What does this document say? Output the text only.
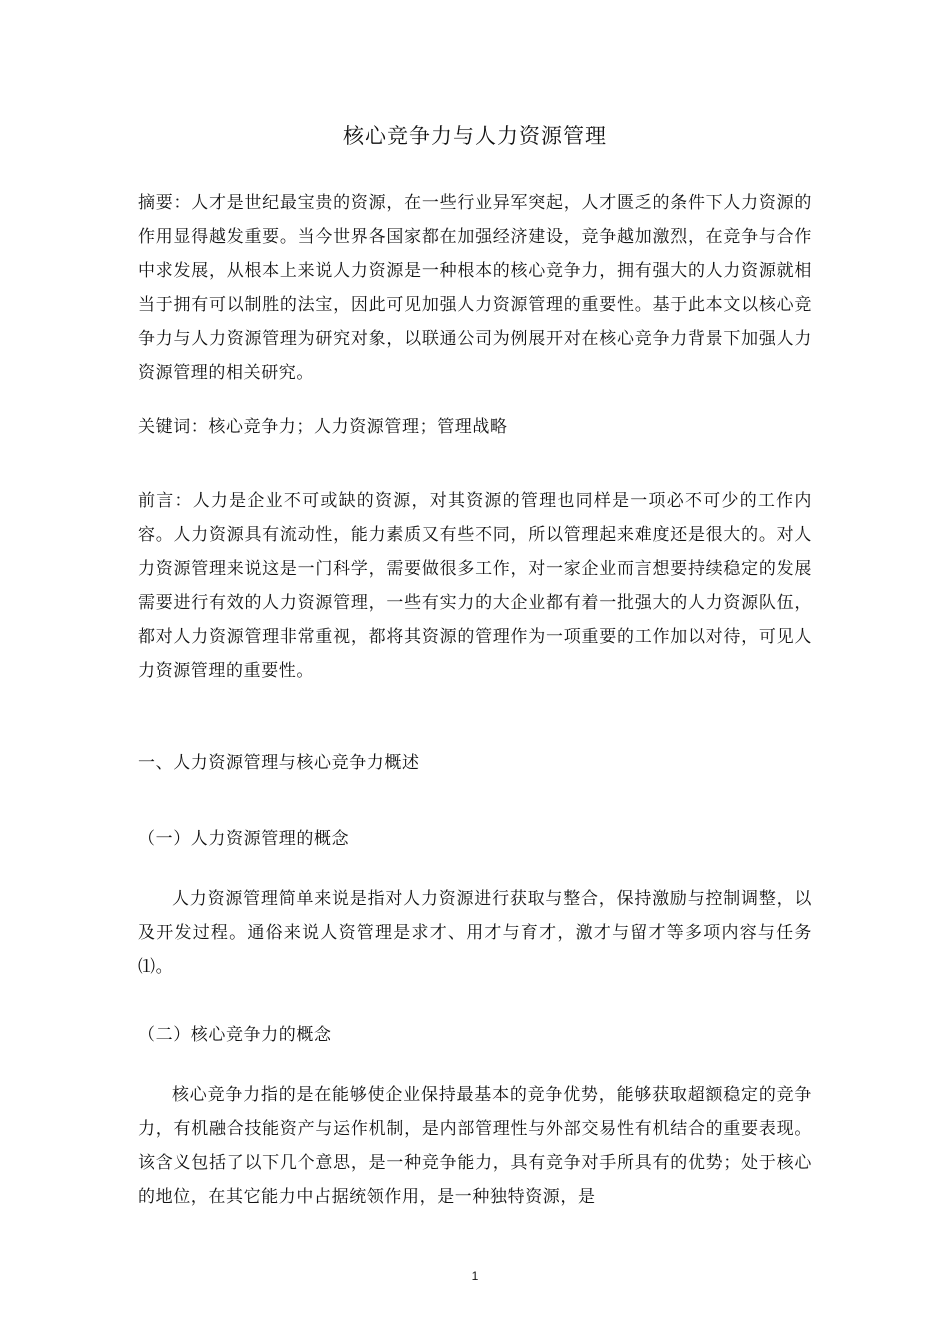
核心竞争力与人力资源管理

摘要：人才是世纪最宝贵的资源，在一些行业异军突起，人才匮乏的条件下人力资源的作用显得越发重要。当今世界各国家都在加强经济建设，竞争越加激烈，在竞争与合作中求发展，从根本上来说人力资源是一种根本的核心竞争力，拥有强大的人力资源就相当于拥有可以制胜的法宝，因此可见加强人力资源管理的重要性。基于此本文以核心竞争力与人力资源管理为研究对象，以联通公司为例展开对在核心竞争力背景下加强人力资源管理的相关研究。

关键词：核心竞争力；人力资源管理；管理战略

前言：人力是企业不可或缺的资源，对其资源的管理也同样是一项必不可少的工作内容。人力资源具有流动性，能力素质又有些不同，所以管理起来难度还是很大的。对人力资源管理来说这是一门科学，需要做很多工作，对一家企业而言想要持续稳定的发展需要进行有效的人力资源管理，一些有实力的大企业都有着一批强大的人力资源队伍，都对人力资源管理非常重视，都将其资源的管理作为一项重要的工作加以对待，可见人力资源管理的重要性。

一、人力资源管理与核心竞争力概述
（一）人力资源管理的概念

人力资源管理简单来说是指对人力资源进行获取与整合，保持激励与控制调整，以及开发过程。通俗来说人资管理是求才、用才与育才，激才与留才等多项内容与任务⑴。

（二）核心竞争力的概念

核心竞争力指的是在能够使企业保持最基本的竞争优势，能够获取超额稳定的竞争力，有机融合技能资产与运作机制，是内部管理性与外部交易性有机结合的重要表现。该含义包括了以下几个意思，是一种竞争能力，具有竞争对手所具有的优势；处于核心的地位，在其它能力中占据统领作用，是一种独特资源，是

1
